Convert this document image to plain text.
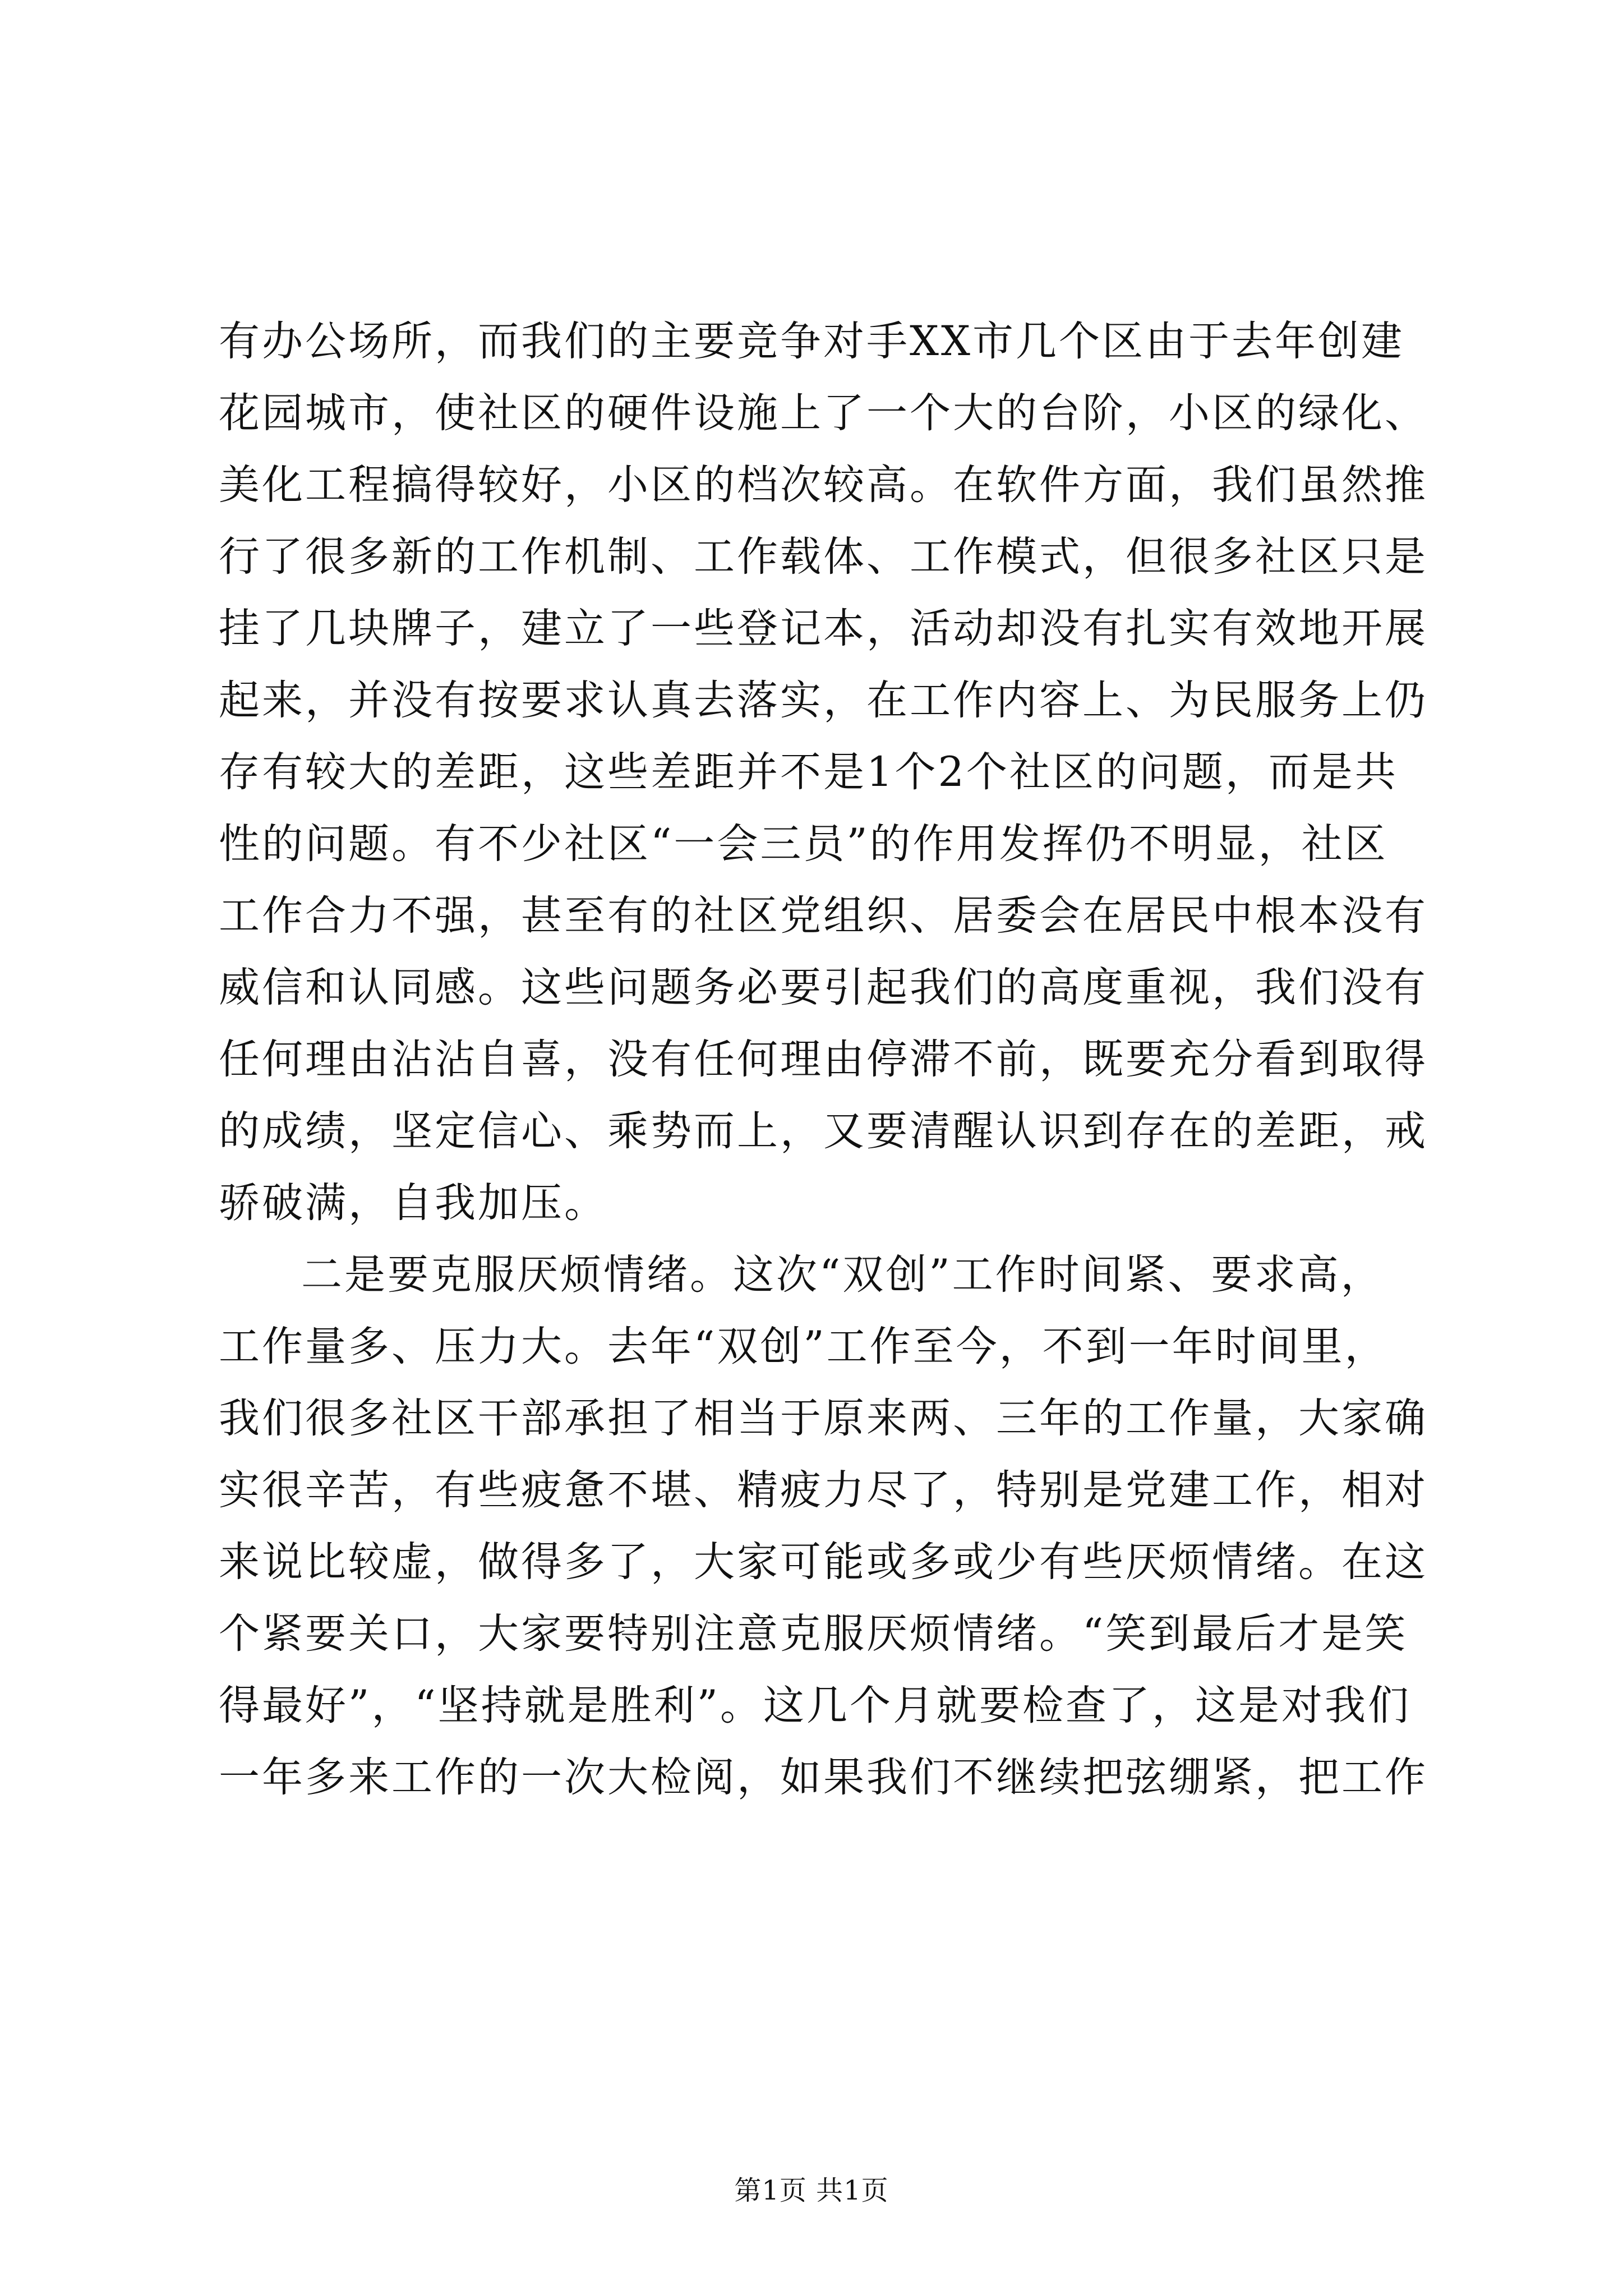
有办公场所，而我们的主要竞争对手XX市几个区由于去年创建
花园城市，使社区的硬件设施上了一个大的台阶，小区的绿化、
美化工程搞得较好，小区的档次较高。在软件方面，我们虽然推
行了很多新的工作机制、工作载体、工作模式，但很多社区只是
挂了几块牌子，建立了一些登记本，活动却没有扎实有效地开展
起来，并没有按要求认真去落实，在工作内容上、为民服务上仍
存有较大的差距，这些差距并不是1个2个社区的问题，而是共
性的问题。有不少社区“一会三员”的作用发挥仍不明显，社区
工作合力不强，甚至有的社区党组织、居委会在居民中根本没有
威信和认同感。这些问题务必要引起我们的高度重视，我们没有
任何理由沾沾自喜，没有任何理由停滞不前，既要充分看到取得
的成绩，坚定信心、乘势而上，又要清醒认识到存在的差距，戒
骄破满，自我加压。
二是要克服厌烦情绪。这次“双创”工作时间紧、要求高，
工作量多、压力大。去年“双创”工作至今，不到一年时间里，
我们很多社区干部承担了相当于原来两、三年的工作量，大家确
实很辛苦，有些疲惫不堪、精疲力尽了，特别是党建工作，相对
来说比较虚，做得多了，大家可能或多或少有些厌烦情绪。在这
个紧要关口，大家要特别注意克服厌烦情绪。“笑到最后才是笑
得最好”，“坚持就是胜利”。这几个月就要检查了，这是对我们
一年多来工作的一次大检阅，如果我们不继续把弦绷紧，把工作
第1页 共1页
